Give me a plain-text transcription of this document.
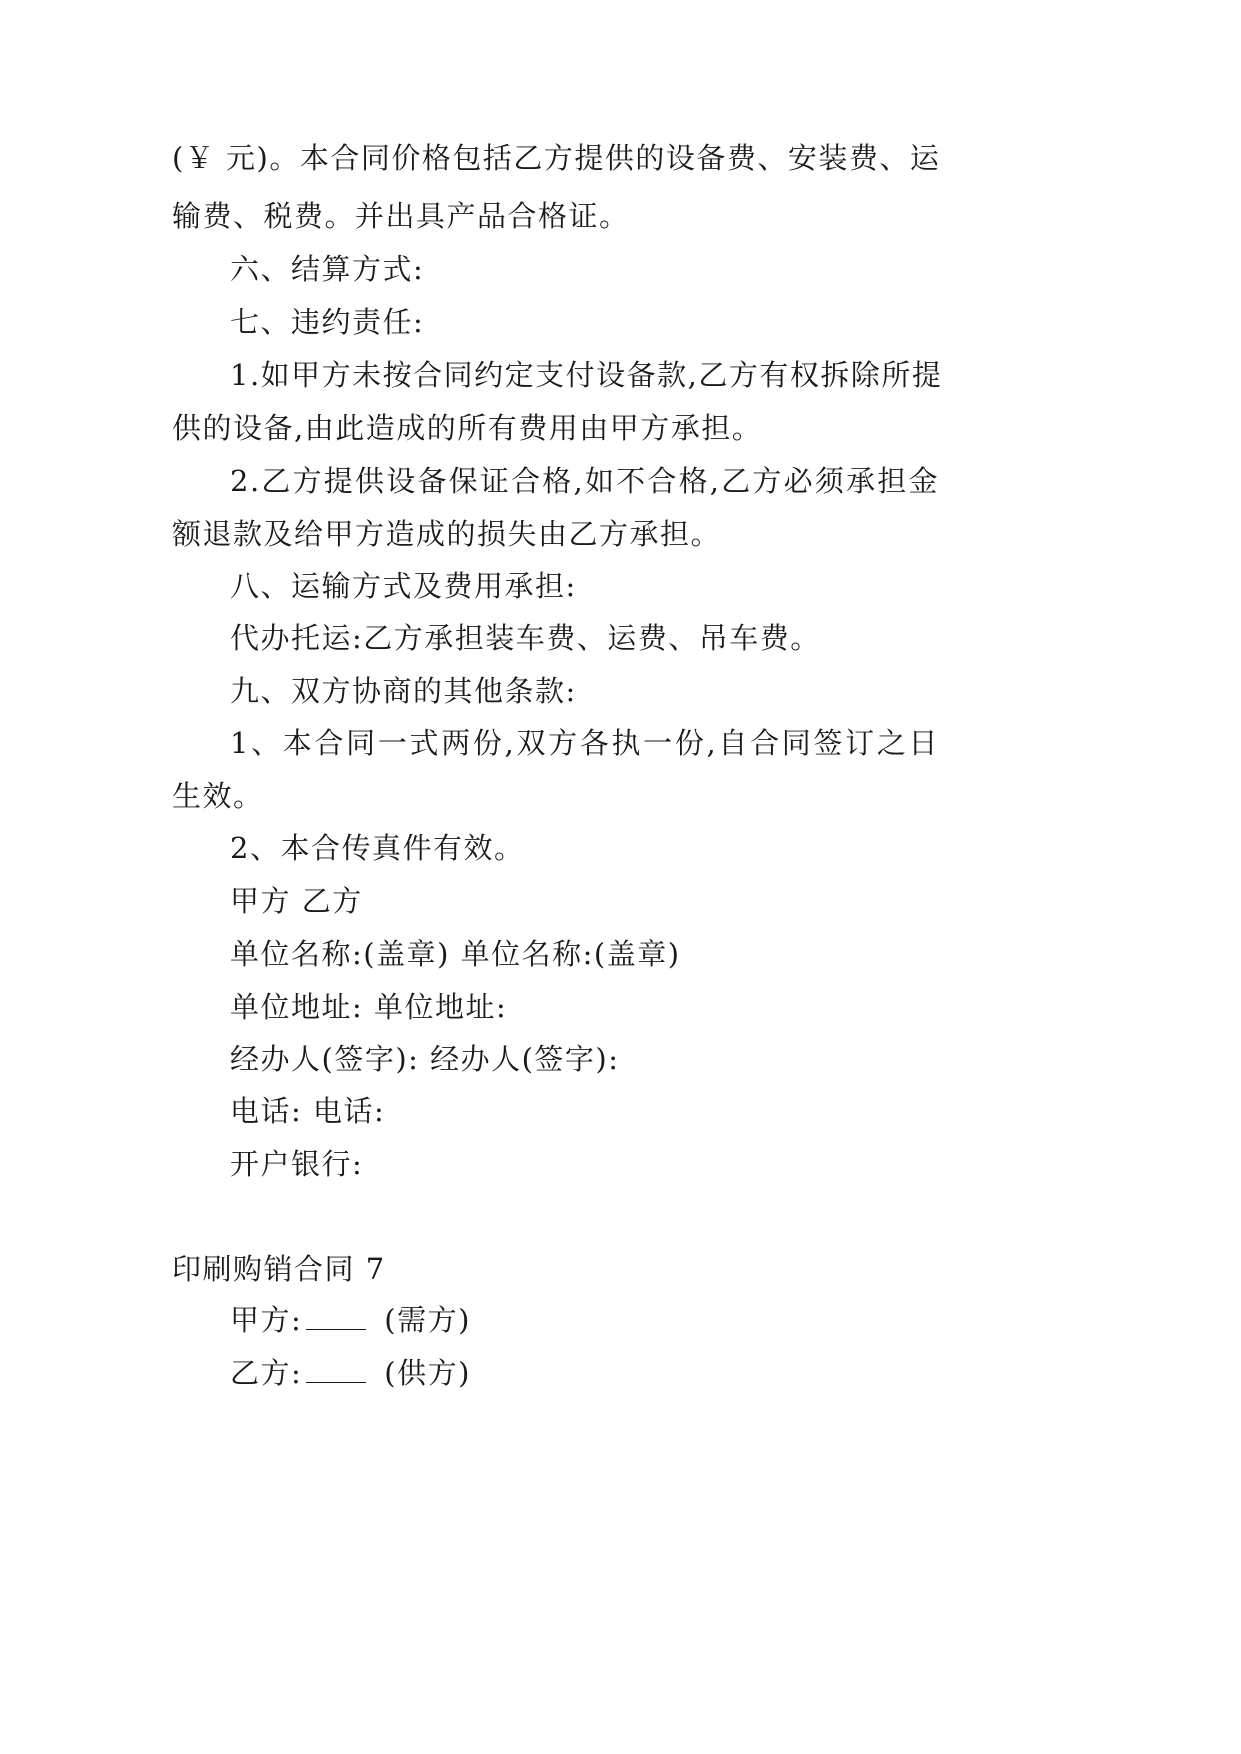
(￥ 元)。本合同价格包括乙方提供的设备费、安装费、运
输费、税费。并出具产品合格证。
六、结算方式:
七、违约责任:
1.如甲方未按合同约定支付设备款,乙方有权拆除所提
供的设备,由此造成的所有费用由甲方承担。
2.乙方提供设备保证合格,如不合格,乙方必须承担金
额退款及给甲方造成的损失由乙方承担。
八、运输方式及费用承担:
代办托运:乙方承担装车费、运费、吊车费。
九、双方协商的其他条款:
1、本合同一式两份,双方各执一份,自合同签订之日
生效。
2、本合传真件有效。
甲方 乙方
单位名称:(盖章) 单位名称:(盖章)
单位地址: 单位地址:
经办人(签字): 经办人(签字):
电话: 电话:
开户银行:
印刷购销合同 7
甲方:	(需方)
乙方:	(供方)
